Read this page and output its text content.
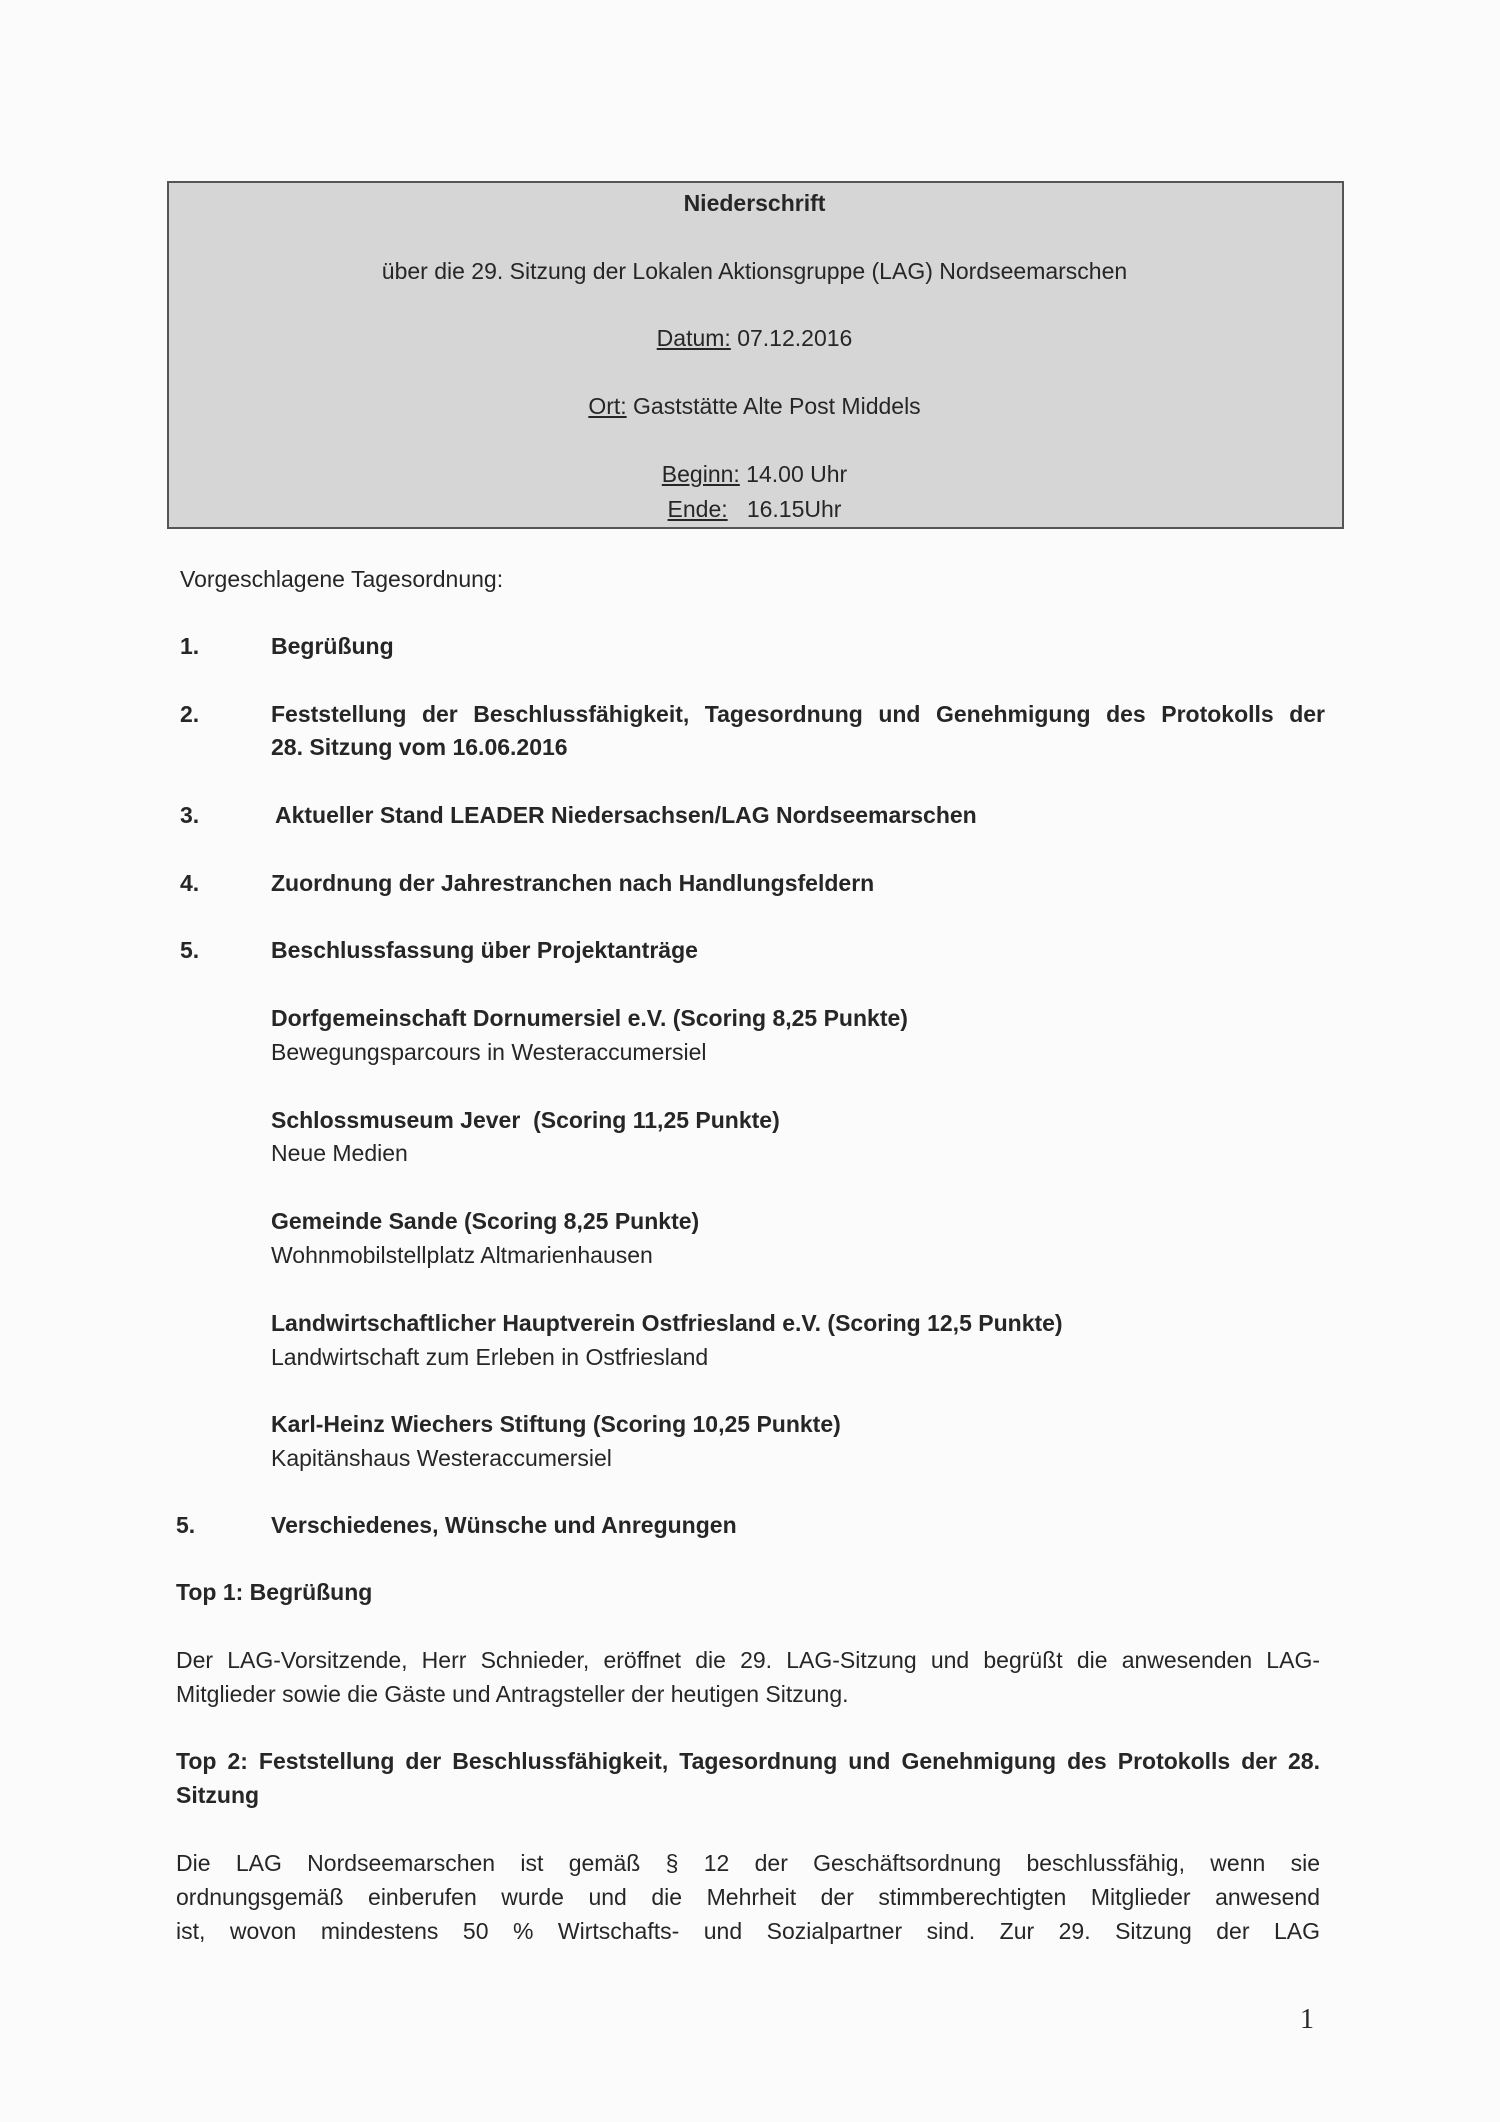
Niederschrift
über die 29. Sitzung der Lokalen Aktionsgruppe (LAG) Nordseemarschen
Datum: 07.12.2016
Ort: Gaststätte Alte Post Middels
Beginn: 14.00 Uhr
Ende:   16.15Uhr
Vorgeschlagene Tagesordnung:
1.	Begrüßung
2.	Feststellung der Beschlussfähigkeit, Tagesordnung und Genehmigung des Protokolls der
28. Sitzung vom 16.06.2016
3.	Aktueller Stand LEADER Niedersachsen/LAG Nordseemarschen
4.	Zuordnung der Jahrestranchen nach Handlungsfeldern
5.	Beschlussfassung über Projektanträge
Dorfgemeinschaft Dornumersiel e.V. (Scoring 8,25 Punkte)
Bewegungsparcours in Westeraccumersiel
Schlossmuseum Jever  (Scoring 11,25 Punkte)
Neue Medien
Gemeinde Sande (Scoring 8,25 Punkte)
Wohnmobilstellplatz Altmarienhausen
Landwirtschaftlicher Hauptverein Ostfriesland e.V. (Scoring 12,5 Punkte)
Landwirtschaft zum Erleben in Ostfriesland
Karl-Heinz Wiechers Stiftung (Scoring 10,25 Punkte)
Kapitänshaus Westeraccumersiel
5.	Verschiedenes, Wünsche und Anregungen
Top 1: Begrüßung
Der LAG-Vorsitzende, Herr Schnieder, eröffnet die 29. LAG-Sitzung und begrüßt die anwesenden LAG-
Mitglieder sowie die Gäste und Antragsteller der heutigen Sitzung.
Top 2: Feststellung der Beschlussfähigkeit, Tagesordnung und Genehmigung des Protokolls der 28.
Sitzung
Die LAG Nordseemarschen ist gemäß § 12 der Geschäftsordnung beschlussfähig, wenn sie
ordnungsgemäß einberufen wurde und die Mehrheit der stimmberechtigten Mitglieder anwesend
ist, wovon mindestens 50 % Wirtschafts- und Sozialpartner sind. Zur 29. Sitzung der LAG
1
